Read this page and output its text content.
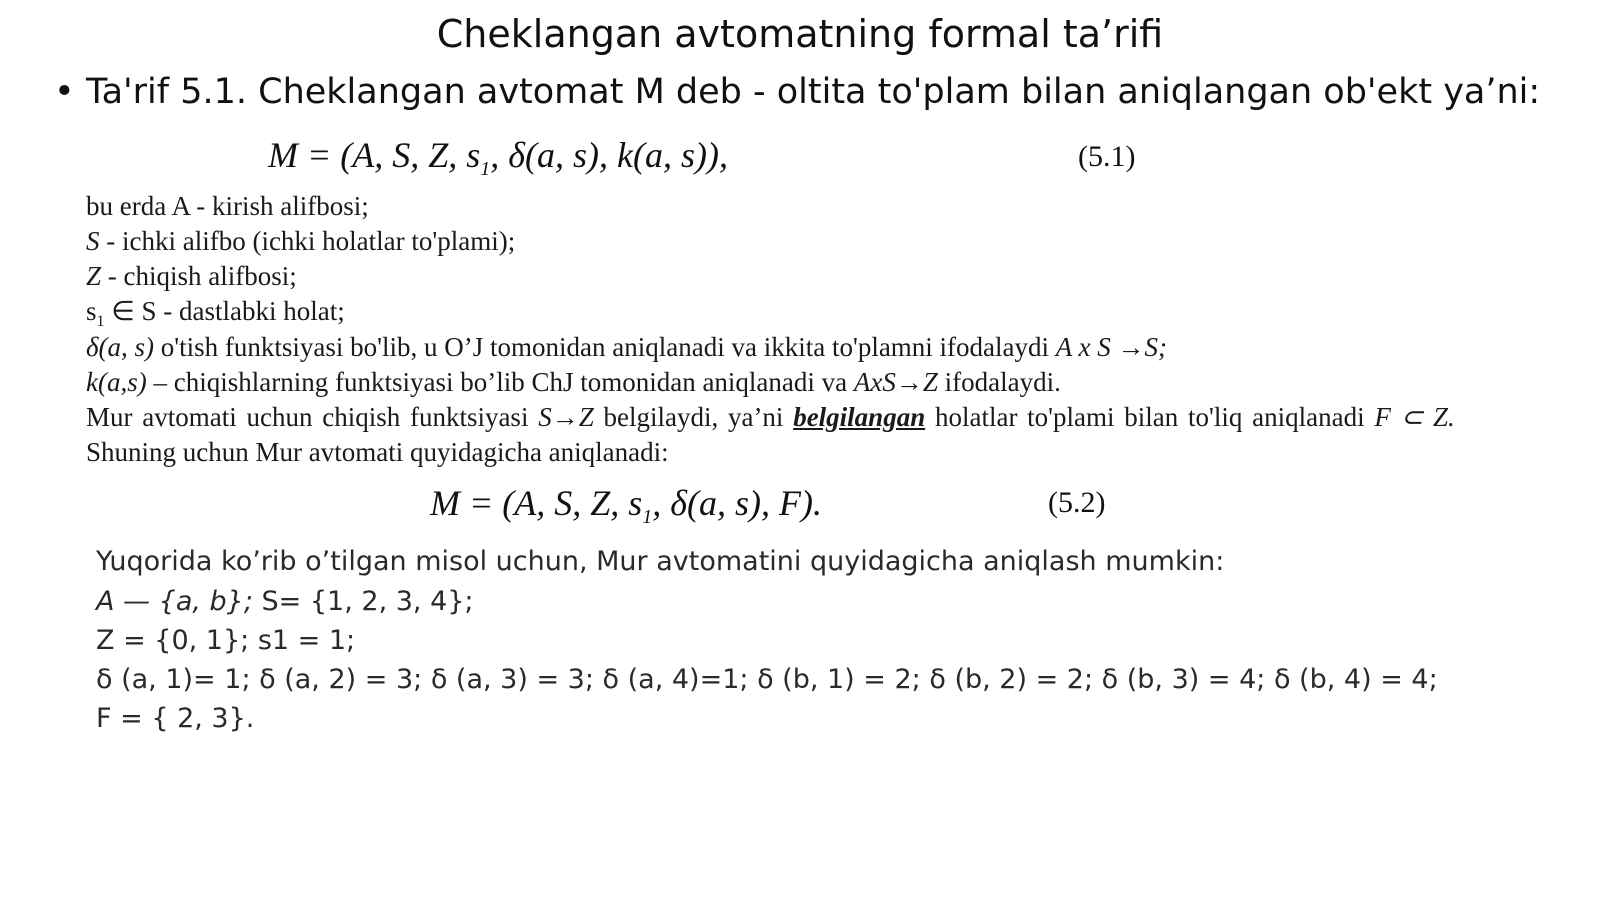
Cheklangan avtomatning formal ta’rifi
• Ta'rif 5.1. Cheklangan avtomat M deb - oltita to'plam bilan aniqlangan ob'ekt ya’ni:
M = (A, S, Z, $s_1$, δ(a, s), k(a, s)),	(5.1)
bu erda A - kirish alifbosi;
S - ichki alifbo (ichki holatlar to'plami);
Z - chiqish alifbosi;
$s_1$ ∈ S - dastlabki holat;
δ(a, s) o'tish funktsiyasi bo'lib, u O’J tomonidan aniqlanadi va ikkita to'plamni ifodalaydi A x S →S;
k(a,s) – chiqishlarning funktsiyasi bo’lib ChJ tomonidan aniqlanadi va AxS→Z ifodalaydi.
Mur avtomati uchun chiqish funktsiyasi S→Z belgilaydi, ya’ni belgilangan holatlar to'plami bilan to'liq aniqlanadi F ⊂ Z.
Shuning uchun Mur avtomati quyidagicha aniqlanadi:
M = (A, S, Z, $s_1$, δ(a, s), F).	(5.2)
Yuqorida ko’rib o’tilgan misol uchun, Mur avtomatini quyidagicha aniqlash mumkin:
A — {a, b}; S= {1, 2, 3, 4};
Z = {0, 1}; s1 = 1;
δ (a, 1)= 1; δ (a, 2) = 3; δ (a, 3) = 3; δ (a, 4)=1; δ (b, 1) = 2; δ (b, 2) = 2; δ (b, 3) = 4; δ (b, 4) = 4;
F = { 2, 3}.
